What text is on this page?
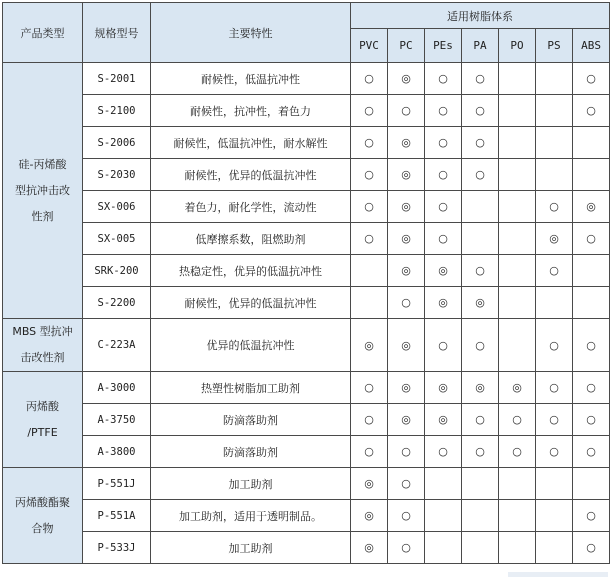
产品类型	规格型号	主要特性	适用树脂体系						
			PVC	PC	PEs	PA	PO	PS	ABS
硅-丙烯酸
型抗冲击改
性剂	S-2001	耐候性，低温抗冲性	○	◎	○	○			○
	S-2100	耐候性，抗冲性，着色力	○	○	○	○			○
	S-2006	耐候性，低温抗冲性，耐水解性	○	◎	○	○			
	S-2030	耐候性，优异的低温抗冲性	○	◎	○	○			
	SX-006	着色力，耐化学性，流动性	○	◎	○			○	◎
	SX-005	低摩擦系数，阻燃助剂	○	◎	○			◎	○
	SRK-200	热稳定性，优异的低温抗冲性		◎	◎	○		○	
	S-2200	耐候性，优异的低温抗冲性		○	◎	◎			
MBS 型抗冲
击改性剂	C-223A	优异的低温抗冲性	◎	◎	○	○		○	○
丙烯酸
/PTFE	A-3000	热塑性树脂加工助剂	○	◎	◎	◎	◎	○	○
	A-3750	防滴落助剂	○	◎	◎	○	○	○	○
	A-3800	防滴落助剂	○	○	○	○	○	○	○
丙烯酸酯聚
合物	P-551J	加工助剂	◎	○					
	P-551A	加工助剂，适用于透明制品。	◎	○					○
	P-533J	加工助剂	◎	○					○
